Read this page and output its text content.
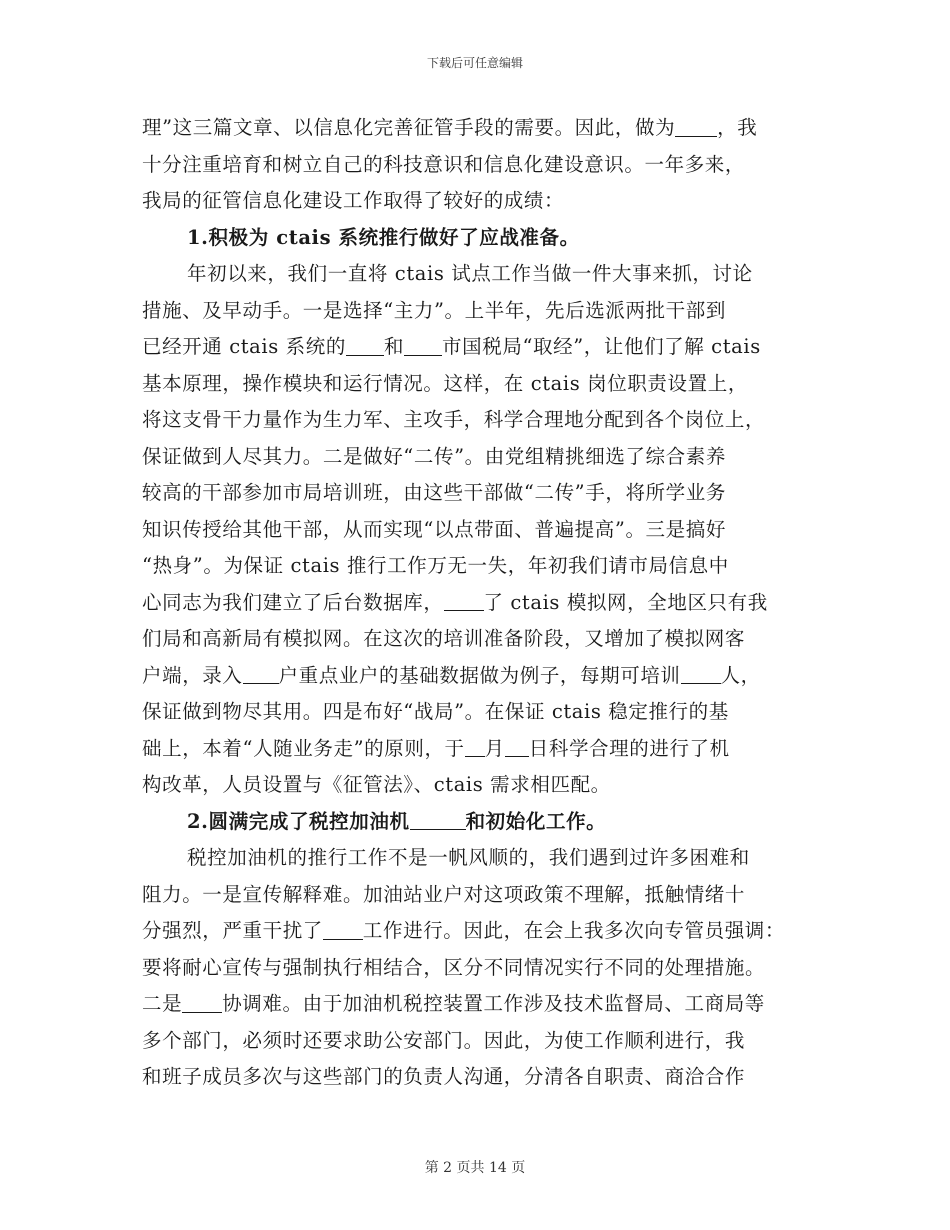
下载后可任意编辑
理”这三篇文章、以信息化完善征管手段的需要。因此，做为 ，我
十分注重培育和树立自己的科技意识和信息化建设意识。一年多来，
我局的征管信息化建设工作取得了较好的成绩：
1.积极为 ctais 系统推行做好了应战准备。
年初以来，我们一直将 ctais 试点工作当做一件大事来抓，讨论
措施、及早动手。一是选择“主力”。上半年，先后选派两批干部到
已经开通 ctais 系统的 和 市国税局“取经”，让他们了解 ctais
基本原理，操作模块和运行情况。这样，在 ctais 岗位职责设置上，
将这支骨干力量作为生力军、主攻手，科学合理地分配到各个岗位上，
保证做到人尽其力。二是做好“二传”。由党组精挑细选了综合素养
较高的干部参加市局培训班，由这些干部做“二传”手，将所学业务
知识传授给其他干部，从而实现“以点带面、普遍提高”。三是搞好
“热身”。为保证 ctais 推行工作万无一失，年初我们请市局信息中
心同志为我们建立了后台数据库， 了 ctais 模拟网，全地区只有我
们局和高新局有模拟网。在这次的培训准备阶段，又增加了模拟网客
户端，录入 户重点业户的基础数据做为例子，每期可培训 人，
保证做到物尽其用。四是布好“战局”。在保证 ctais 稳定推行的基
础上，本着“人随业务走”的原则，于 月 日科学合理的进行了机
构改革，人员设置与《征管法》、ctais 需求相匹配。
2.圆满完成了税控加油机	和初始化工作。
税控加油机的推行工作不是一帆风顺的，我们遇到过许多困难和
阻力。一是宣传解释难。加油站业户对这项政策不理解，抵触情绪十
分强烈，严重干扰了 工作进行。因此，在会上我多次向专管员强调：
要将耐心宣传与强制执行相结合，区分不同情况实行不同的处理措施。
二是 协调难。由于加油机税控装置工作涉及技术监督局、工商局等
多个部门，必须时还要求助公安部门。因此，为使工作顺利进行，我
和班子成员多次与这些部门的负责人沟通，分清各自职责、商洽合作
第 2 页共 14 页
